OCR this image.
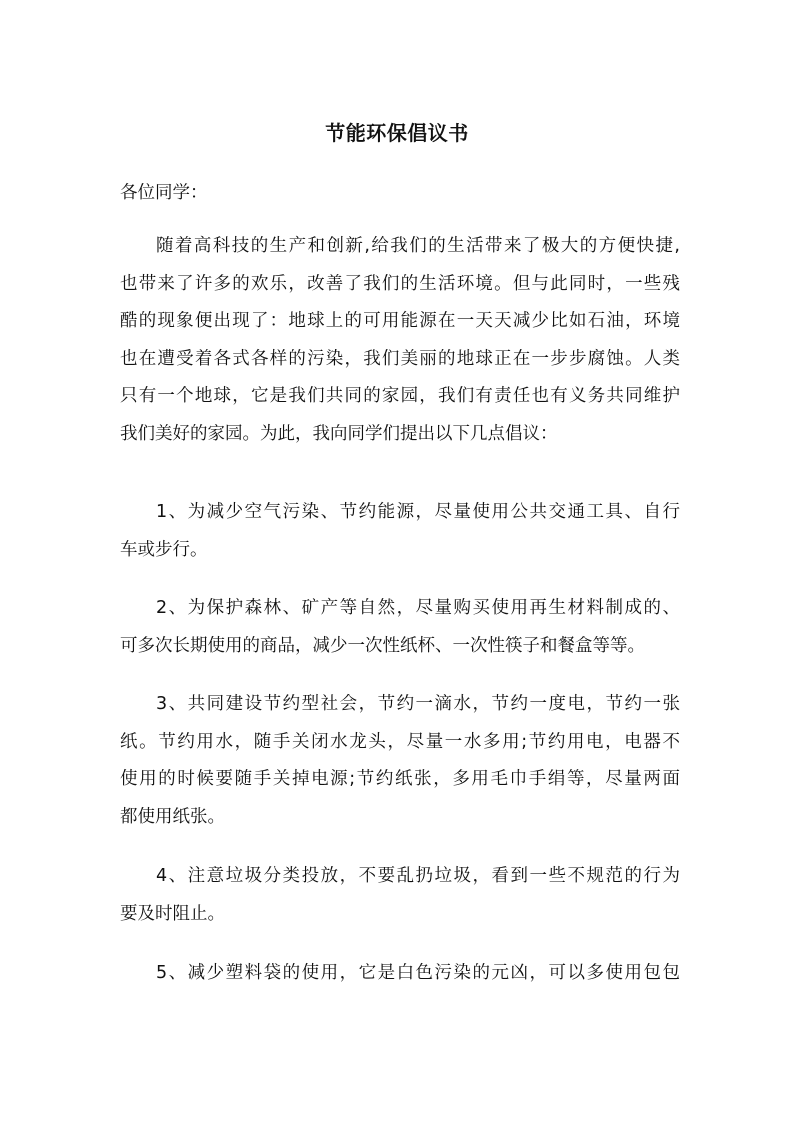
节能环保倡议书
各位同学：
随着高科技的生产和创新,给我们的生活带来了极大的方便快捷,
也带来了许多的欢乐，改善了我们的生活环境。但与此同时，一些残
酷的现象便出现了：地球上的可用能源在一天天减少比如石油，环境
也在遭受着各式各样的污染，我们美丽的地球正在一步步腐蚀。人类
只有一个地球，它是我们共同的家园，我们有责任也有义务共同维护
我们美好的家园。为此，我向同学们提出以下几点倡议：
1、为减少空气污染、节约能源，尽量使用公共交通工具、自行
车或步行。
2、为保护森林、矿产等自然，尽量购买使用再生材料制成的、
可多次长期使用的商品，减少一次性纸杯、一次性筷子和餐盒等等。
3、共同建设节约型社会，节约一滴水，节约一度电，节约一张
纸。节约用水，随手关闭水龙头，尽量一水多用;节约用电，电器不
使用的时候要随手关掉电源;节约纸张，多用毛巾手绢等，尽量两面
都使用纸张。
4、注意垃圾分类投放，不要乱扔垃圾，看到一些不规范的行为
要及时阻止。
5、减少塑料袋的使用，它是白色污染的元凶，可以多使用包包
